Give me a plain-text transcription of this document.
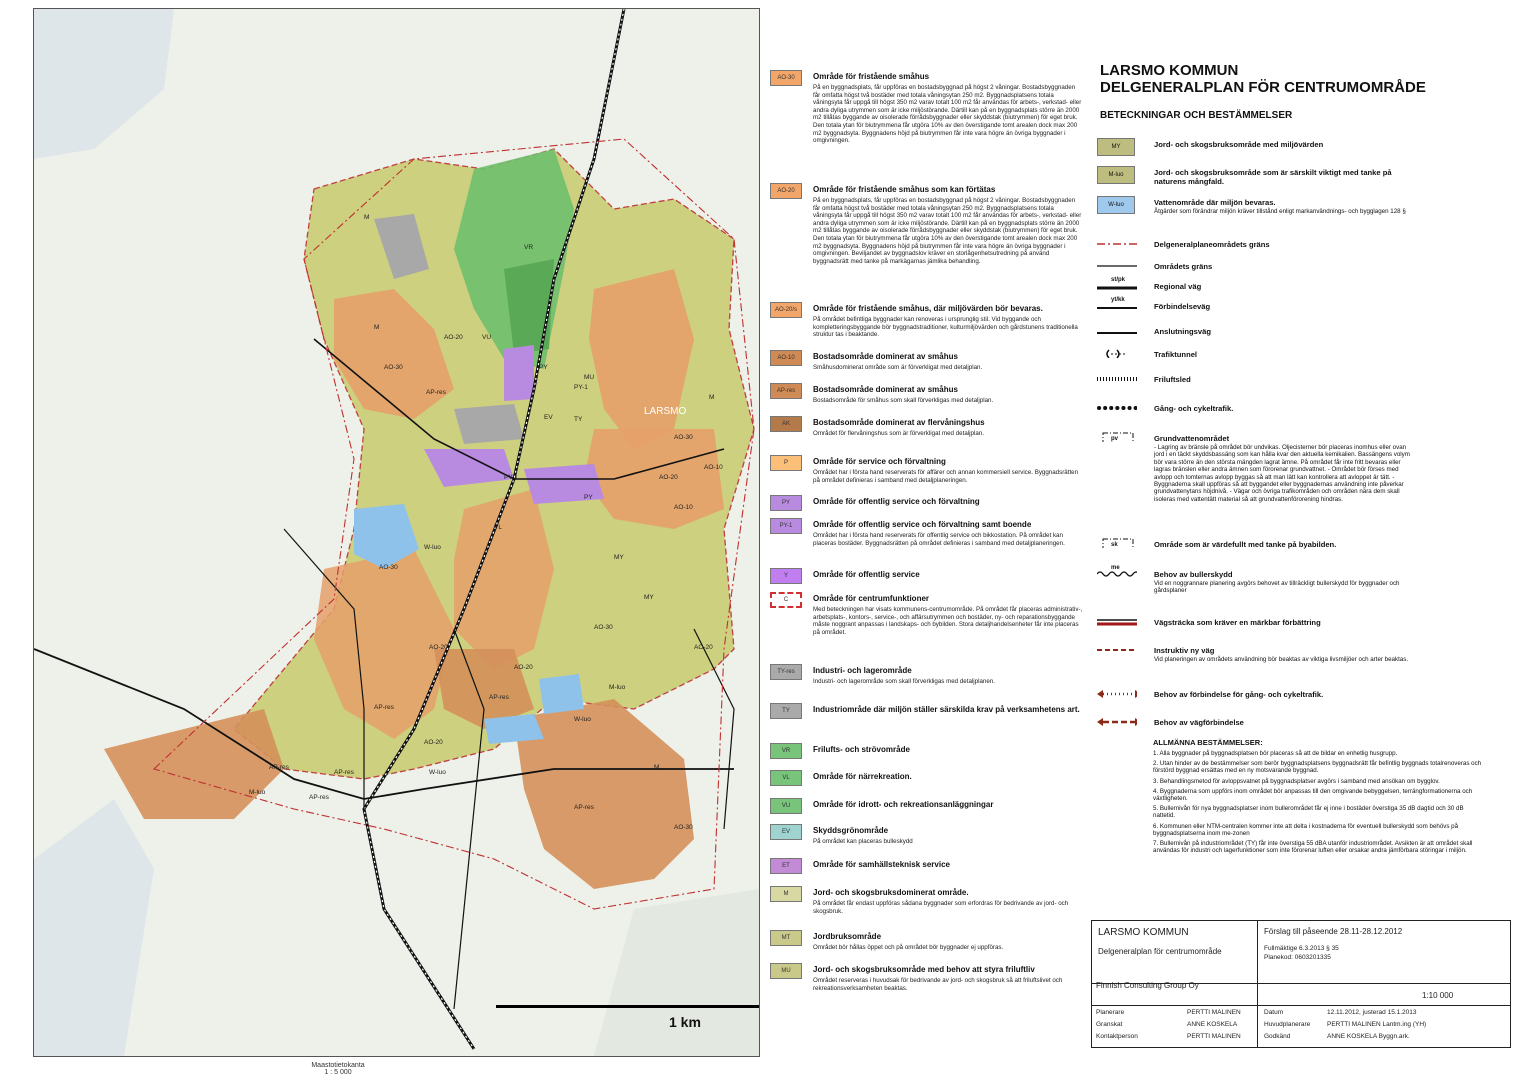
M
M
VR
VU
MU
LARSMO
AO-20
AO-30
AP-res
PY
PY-1
TY
EV
PY-1
PY
AO-30
AO-20
AO-10
W-luo
VL
MY
AO-30
AO-20
AP-res
AP-res
AO-20
AO-30
M-luo
W-luo
AO-20
AP-res
M-luo
W-luo
AP-res
AP-res	M
MY
AO-10
M
AO-30
AO-20
AP-res
1 km
Maastotietokanta
1 : 5 000
AO-30	Område för fristående småhus
På en byggnadsplats, får uppföras en bostadsbyggnad på högst 2 våningar. Bostadsbyggnaden får omfatta högst två bostäder med totala våningsytan 250 m2. Byggnadsplatsens totala våningsyta får uppgå till högst 350 m2 varav totalt 100 m2 får användas för arbets-, verkstad- eller andra dyliga utrymmen som är icke miljöstörande. Därtill kan på en byggnadsplats större än 2000 m2 tillåtas byggande av oisolerade förrådsbyggnader eller skyddstak (biutrymmen) för eget bruk. Den totala ytan för biutrymmena får utgöra 10% av den överstigande tomt arealen dock max 200 m2 byggnadsyta. Byggnadens höjd på biutrymmen får inte vara högre än övriga byggnader i omgivningen.
AO-20	Område för fristående småhus som kan förtätas
På en byggnadsplats, får uppföras en bostadsbyggnad på högst 2 våningar. Bostadsbyggnaden får omfatta högst två bostäder med totala våningsytan 250 m2. Byggnadsplatsens totala våningsyta får uppgå till högst 350 m2 varav totalt 100 m2 får användas för arbets-, verkstad- eller andra dyliga utrymmen som är icke miljöstörande. Därtill kan på en byggnadsplats större än 2000 m2 tillåtas byggande av oisolerade förrådsbyggnader eller skyddstak (biutrymmen) för eget bruk. Den totala ytan för biutrymmena får utgöra 10% av den överstigande tomt arealen dock max 200 m2 byggnadsyta. Byggnadens höjd på biutrymmen får inte vara högre än övriga byggnader i omgivningen. Beviljandet av byggnadslov kräver en storlågenhetsutredning på använd byggnadsrätt med tanke på markägarnas jämlika behandling.
AO-20/s	Område för fristående småhus, där miljövärden bör bevaras.
På området befintliga byggnader kan renoveras i ursprunglig stil. Vid byggande och kompletteringsbyggande bör byggnadstraditioner, kulturmiljövärden och gårdstunens traditionella struktur tas i beaktande.
AO-10	Bostadsområde dominerat av småhus
Småhusdominerat område som är förverkligat med detaljplan.
AP-res	Bostadsområde dominerat av småhus
Bostadsområde för småhus som skall förverkligas med detaljplan.
AK	Bostadsområde dominerat av flervåningshus
Området för flervåningshus som är förverkligat med detaljplan.
P	Område för service och förvaltning
Området har i första hand reserverats för affärer och annan kommersiell service. Byggnadsrätten på området definieras i samband med detaljplaneringen.
PY	Område för offentlig service och förvaltning
PY-1	Område för offentlig service och förvaltning samt boende
Området har i första hand reserverats för offentlig service och bikkostation. På området kan placeras bostäder. Byggnadsrätten på området definieras i samband med detaljplaneringen.
Y	Område för offentlig service
C	Område för centrumfunktioner
Med beteckningen har visats kommunens-centrumområde. På området får placeras administrativ-, arbetsplats-, kontors-, service-, och affärsutrymmen och bostäder, ny- och reparationsbyggande måste noggrant anpassas i landskaps- och bybilden. Stora detaljhandelsenheter får inte placeras på området.
TY-res	Industri- och lagerområde
Industri- och lagerområde som skall förverkligas med detaljplanen.
TY	Industriområde där miljön ställer särskilda krav på verksamhetens art.
VR	Frilufts- och strövområde
VL	Område för närrekreation.
VU	Område för idrott- och rekreationsanläggningar
EV	Skyddsgrönområde
På området kan placeras bulleskydd
ET	Område för samhällsteknisk service
M	Jord- och skogsbruksdominerat område.
På området får endast uppföras sådana byggnader som erfordras för bedrivande av jord- och skogsbruk.
MT	Jordbruksområde
Området bör hållas öppet och på området bör byggnader ej uppföras.
MU	Jord- och skogsbruksområde med behov att styra friluftliv
Området reserveras i huvudsak för bedrivande av jord- och skogsbruk så att friluftslivet och rekreationsverksamheten beaktas.
LARSMO KOMMUN
DELGENERALPLAN FÖR CENTRUMOMRÅDE
BETECKNINGAR OCH BESTÄMMELSER
MY	Jord- och skogsbruksområde med miljövärden
M-luo	Jord- och skogsbruksområde som är särskilt viktigt med tanke på naturens mångfald.
W-luo	Vattenområde där miljön bevaras.
Åtgärder som förändrar miljön kräver tillstånd enligt markanvändnings- och bygglagen 128 §
Delgeneralplaneområdets gräns
Områdets gräns
st/pk
Regional väg
yt/kk
Förbindelseväg
Anslutningsväg
Trafiktunnel
Friluftsled
Gång- och cykeltrafik.
pv	Grundvattenområdet
- Lagring av bränsle på området bör undvikas. Oljecisterner bör placeras inomhus eller ovan jord i en täckt skyddsbassäng som kan hålla kvar den aktuella kemikalien. Bassängens volym bör vara större än den största mängden lagrat ämne. På området får inte fritt bevaras eller lagras bränslen eller andra ämnen som förorenar grundvattnet. - Området bör förses med avlopp och tomternas avlopp byggas så att man lätt kan kontrollera att avloppet är tätt. - Byggnaderna skall uppföras så att byggandet eller byggnadernas användning inte påverkar grundvattenytans höjdnivå. - Vägar och övriga trafikområden och områden nära dem skall isoleras med vattentätt material så att grundvattenförorening hindras.
sk	Område som är värdefullt med tanke på byabilden.
me
Behov av bullerskydd
Vid en noggrannare planering avgörs behovet av tillräckligt bullerskydd för byggnader och gårdsplaner
Vägsträcka som kräver en märkbar förbättring
Instruktiv ny väg
Vid planeringen av områdets användning bör beaktas av viktiga livsmiljöer och arter beaktas.
Behov av förbindelse för gång- och cykeltrafik.
Behov av vägförbindelse
ALLMÄNNA BESTÄMMELSER:
1. Alla byggnader på byggnadsplatsen bör placeras så att de bildar en enhetlig husgrupp.
2. Utan hinder av de bestämmelser som berör byggnadsplatsens byggnadsrätt får befintlig byggnads totalrenoveras och förstörd byggnad ersättas med en ny motsvarande byggnad.
3. Behandlingsmetod för avloppsvatnet på byggnadsplatser avgörs i samband med ansökan om bygglov.
4. Byggnaderna som uppförs inom området bör anpassas till den omgivande bebyggelsen, terrängformationerna och växtligheten.
5. Bullernivån för nya byggnadsplatser inom bullerområdet får ej inne i bostäder överstiga 35 dB dagtid och 30 dB nattetid.
6. Kommunen eller NTM-centralen kommer inte att delta i kostnaderna för eventuell bullerskydd som behövs på byggnadsplatserna inom me-zonen
7. Bullernivån på industriområdet (TY) får inte överstiga 55 dBA utanför industriområdet. Avsikten är att området skall användas för industri och lagerfunktioner som inte förorenar luften eller orsakar andra jämförbara störingar i miljön.
LARSMO KOMMUN
Delgeneralplan för centrumområde
Finnish Consulting Group Oy
Förslag till påseende 28.11-28.12.2012
Fullmäktige 6.3.2013 § 35
Planekod: 0603201335
1:10 000
Planerare	PERTTI MALINEN	Datum	12.11.2012, justerad 15.1.2013
Granskat	ANNE KOSKELA	Huvudplanerare	PERTTI MALINEN Lantm.ing (YH)
Kontaktperson	PERTTI MALINEN	Godkänd	ANNE KOSKELA Byggn.ark.
